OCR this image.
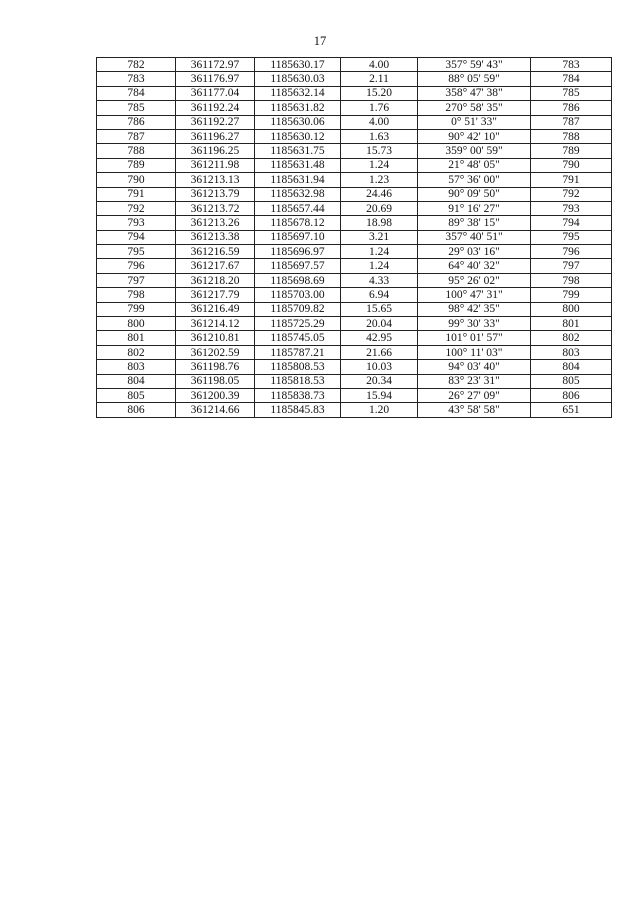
17
782	361172.97	1185630.17	4.00	357° 59' 43"	783
783	361176.97	1185630.03	2.11	88° 05' 59"	784
784	361177.04	1185632.14	15.20	358° 47' 38"	785
785	361192.24	1185631.82	1.76	270° 58' 35"	786
786	361192.27	1185630.06	4.00	0° 51' 33"	787
787	361196.27	1185630.12	1.63	90° 42' 10"	788
788	361196.25	1185631.75	15.73	359° 00' 59"	789
789	361211.98	1185631.48	1.24	21° 48' 05"	790
790	361213.13	1185631.94	1.23	57° 36' 00"	791
791	361213.79	1185632.98	24.46	90° 09' 50"	792
792	361213.72	1185657.44	20.69	91° 16' 27"	793
793	361213.26	1185678.12	18.98	89° 38' 15"	794
794	361213.38	1185697.10	3.21	357° 40' 51"	795
795	361216.59	1185696.97	1.24	29° 03' 16"	796
796	361217.67	1185697.57	1.24	64° 40' 32"	797
797	361218.20	1185698.69	4.33	95° 26' 02"	798
798	361217.79	1185703.00	6.94	100° 47' 31"	799
799	361216.49	1185709.82	15.65	98° 42' 35"	800
800	361214.12	1185725.29	20.04	99° 30' 33"	801
801	361210.81	1185745.05	42.95	101° 01' 57"	802
802	361202.59	1185787.21	21.66	100° 11' 03"	803
803	361198.76	1185808.53	10.03	94° 03' 40"	804
804	361198.05	1185818.53	20.34	83° 23' 31"	805
805	361200.39	1185838.73	15.94	26° 27' 09"	806
806	361214.66	1185845.83	1.20	43° 58' 58"	651
